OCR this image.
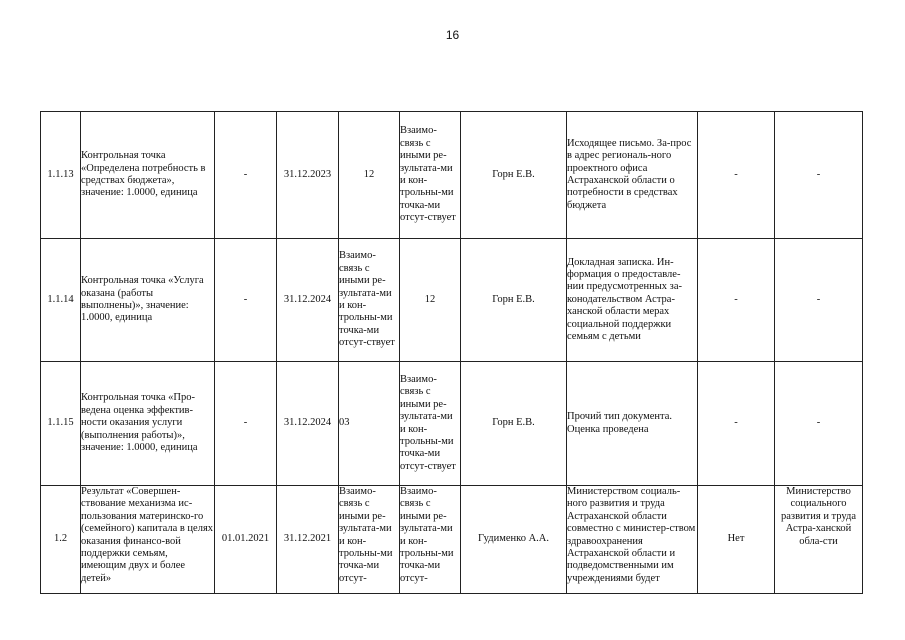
16
1.1.13	Контрольная точка «Определена потребность в средствах бюджета», значение: 1.0000, единица	-	31.12.2023	12	Взаимо-связь с иными ре-зультата-ми и кон-трольны-ми точка-ми отсут-ствует	Горн Е.В.	Исходящее письмо. За-прос в адрес региональ-ного проектного офиса Астраханской области о потребности в средствах бюджета	-	-
1.1.14	Контрольная точка «Услуга оказана (работы выполнены)», значение: 1.0000, единица	-	31.12.2024	Взаимо-связь с иными ре-зультата-ми и кон-трольны-ми точка-ми отсут-ствует	12	Горн Е.В.	Докладная записка. Ин-формация о предоставле-нии предусмотренных за-конодательством Астра-ханской области мерах социальной поддержки семьям с детьми	-	-
1.1.15	Контрольная точка «Про-ведена оценка эффектив-ности оказания услуги (выполнения работы)», значение: 1.0000, единица	-	31.12.2024	03	Взаимо-связь с иными ре-зультата-ми и кон-трольны-ми точка-ми отсут-ствует	Горн Е.В.	Прочий тип документа. Оценка проведена	-	-
1.2	Результат «Совершен-ствование механизма ис-пользования материнско-го (семейного) капитала в целях оказания финансо-вой поддержки семьям, имеющим двух и более детей»	01.01.2021	31.12.2021	Взаимо-связь с иными ре-зультата-ми и кон-трольны-ми точка-ми отсут-	Взаимо-связь с иными ре-зультата-ми и кон-трольны-ми точка-ми отсут-	Гудименко А.А.	Министерством социаль-ного развития и труда Астраханской области совместно с министер-ством здравоохранения Астраханской области и подведомственными им учреждениями будет	Нет	Министерство социального развития и труда Астра-ханской обла-сти
